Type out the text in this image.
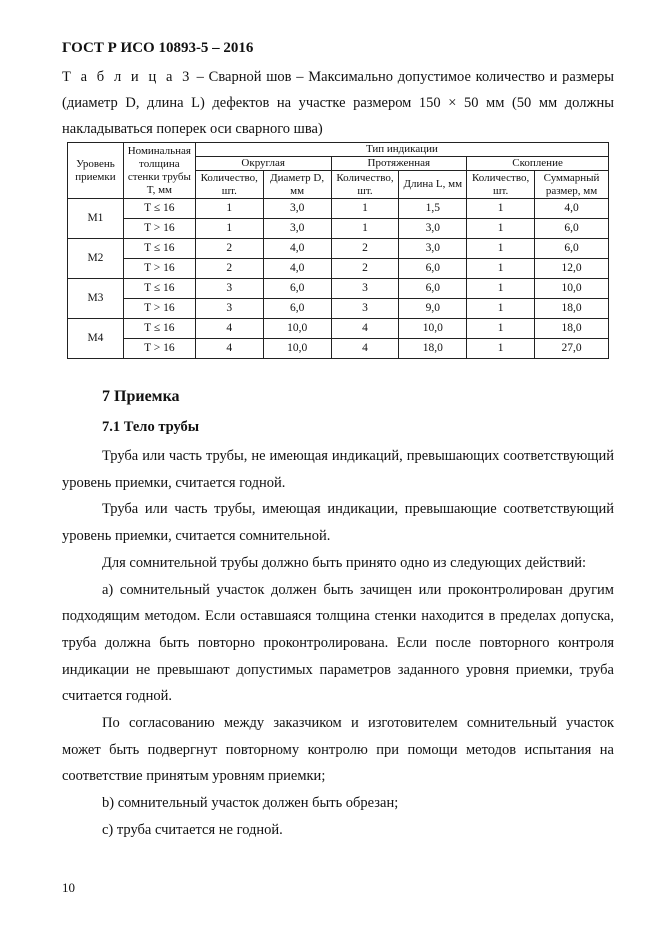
ГОСТ Р ИСО 10893-5 – 2016
Т а б л и ц а 3 – Сварной шов – Максимально допустимое количество и размеры (диаметр D, длина L) дефектов на участке размером 150 × 50 мм (50 мм должны накладываться поперек оси сварного шва)
Уровень приемки	Номинальная толщина стенки трубы T, мм	Тип индикации					
		Округлая		Протяженная		Скопление	
		Количество, шт.	Диаметр D, мм	Количество, шт.	Длина L, мм	Количество, шт.	Суммарный размер, мм
M1	T ≤ 16	1	3,0	1	1,5	1	4,0
	T > 16	1	3,0	1	3,0	1	6,0
M2	T ≤ 16	2	4,0	2	3,0	1	6,0
	T > 16	2	4,0	2	6,0	1	12,0
M3	T ≤ 16	3	6,0	3	6,0	1	10,0
	T > 16	3	6,0	3	9,0	1	18,0
M4	T ≤ 16	4	10,0	4	10,0	1	18,0
	T > 16	4	10,0	4	18,0	1	27,0
7 Приемка
7.1 Тело трубы

Труба или часть трубы, не имеющая индикаций, превышающих соответствующий уровень приемки, считается годной.

Труба или часть трубы, имеющая индикации, превышающие соответствующий уровень приемки, считается сомнительной.

Для сомнительной трубы должно быть принято одно из следующих действий:

a) сомнительный участок должен быть зачищен или проконтролирован другим подходящим методом. Если оставшаяся толщина стенки находится в пределах допуска, труба должна быть повторно проконтролирована. Если после повторного контроля индикации не превышают допустимых параметров заданного уровня приемки, труба считается годной.

По согласованию между заказчиком и изготовителем сомнительный участок может быть подвергнут повторному контролю при помощи методов испытания на соответствие принятым уровням приемки;

b) сомнительный участок должен быть обрезан;

c) труба считается не годной.

10
